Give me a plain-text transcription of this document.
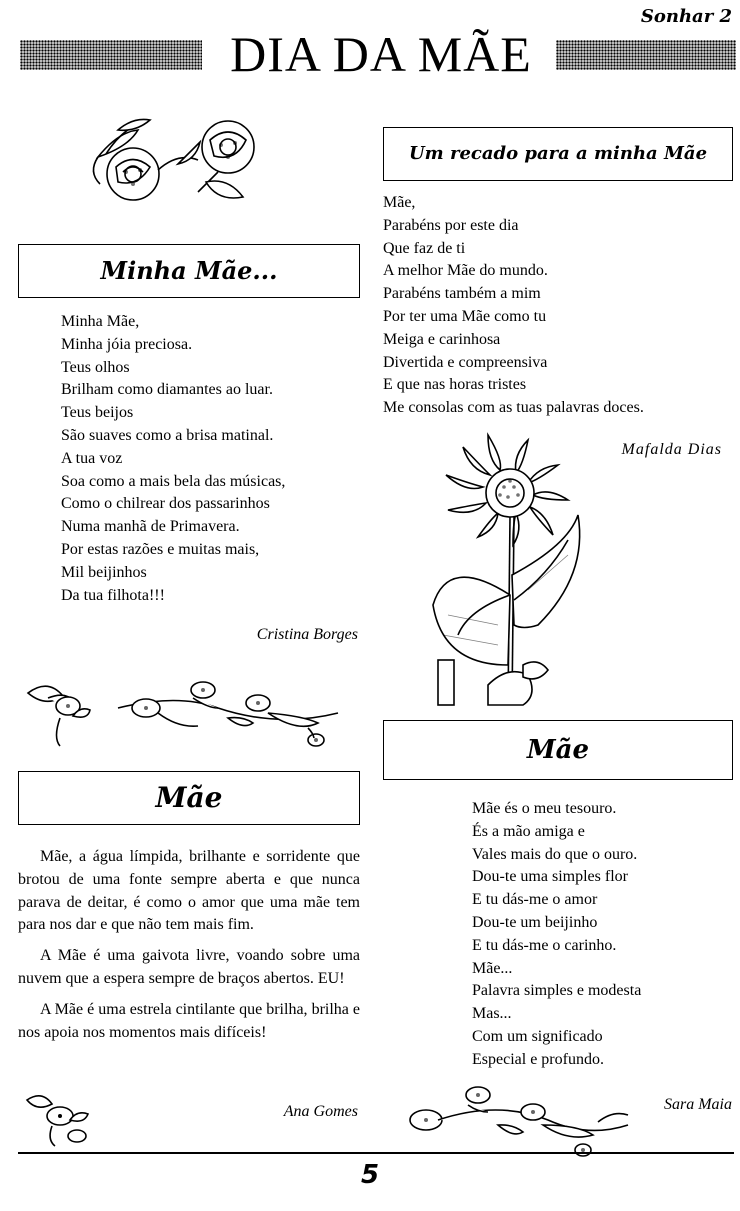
Sonhar 2
DIA DA MÃE
Minha Mãe...
Minha Mãe,
Minha jóia preciosa.
Teus olhos
Brilham como diamantes ao luar.
Teus beijos
São suaves como a brisa matinal.
A tua voz
Soa como a mais bela das músicas,
Como o chilrear dos passarinhos
Numa manhã de Primavera.
Por estas razões e muitas mais,
Mil beijinhos
Da tua filhota!!!
Cristina Borges
Mãe

Mãe, a água límpida, brilhante e sorridente que brotou de uma fonte sempre aberta e que nunca parava de deitar, é como o amor que uma mãe tem para nos dar e que não tem mais fim.

A Mãe é uma gaivota livre, voando sobre uma nuvem que a espera sempre de braços abertos. EU!

A Mãe é uma estrela cintilante que brilha, brilha e nos apoia nos momentos mais difíceis!

Ana Gomes
Um recado para a minha Mãe
Mãe,
Parabéns por este dia
Que faz de ti
A melhor Mãe do mundo.
Parabéns também a mim
Por ter uma Mãe como tu
Meiga e carinhosa
Divertida e compreensiva
E que nas horas tristes
Me consolas com as tuas palavras doces.
Mafalda Dias
Mãe
Mãe és o meu tesouro.
És a mão amiga e
Vales mais do que o ouro.
Dou-te uma simples flor
E tu dás-me o amor
Dou-te um beijinho
E tu dás-me o carinho.
Mãe...
Palavra simples e modesta
Mas...
Com um significado
Especial e profundo.
Sara Maia
5
